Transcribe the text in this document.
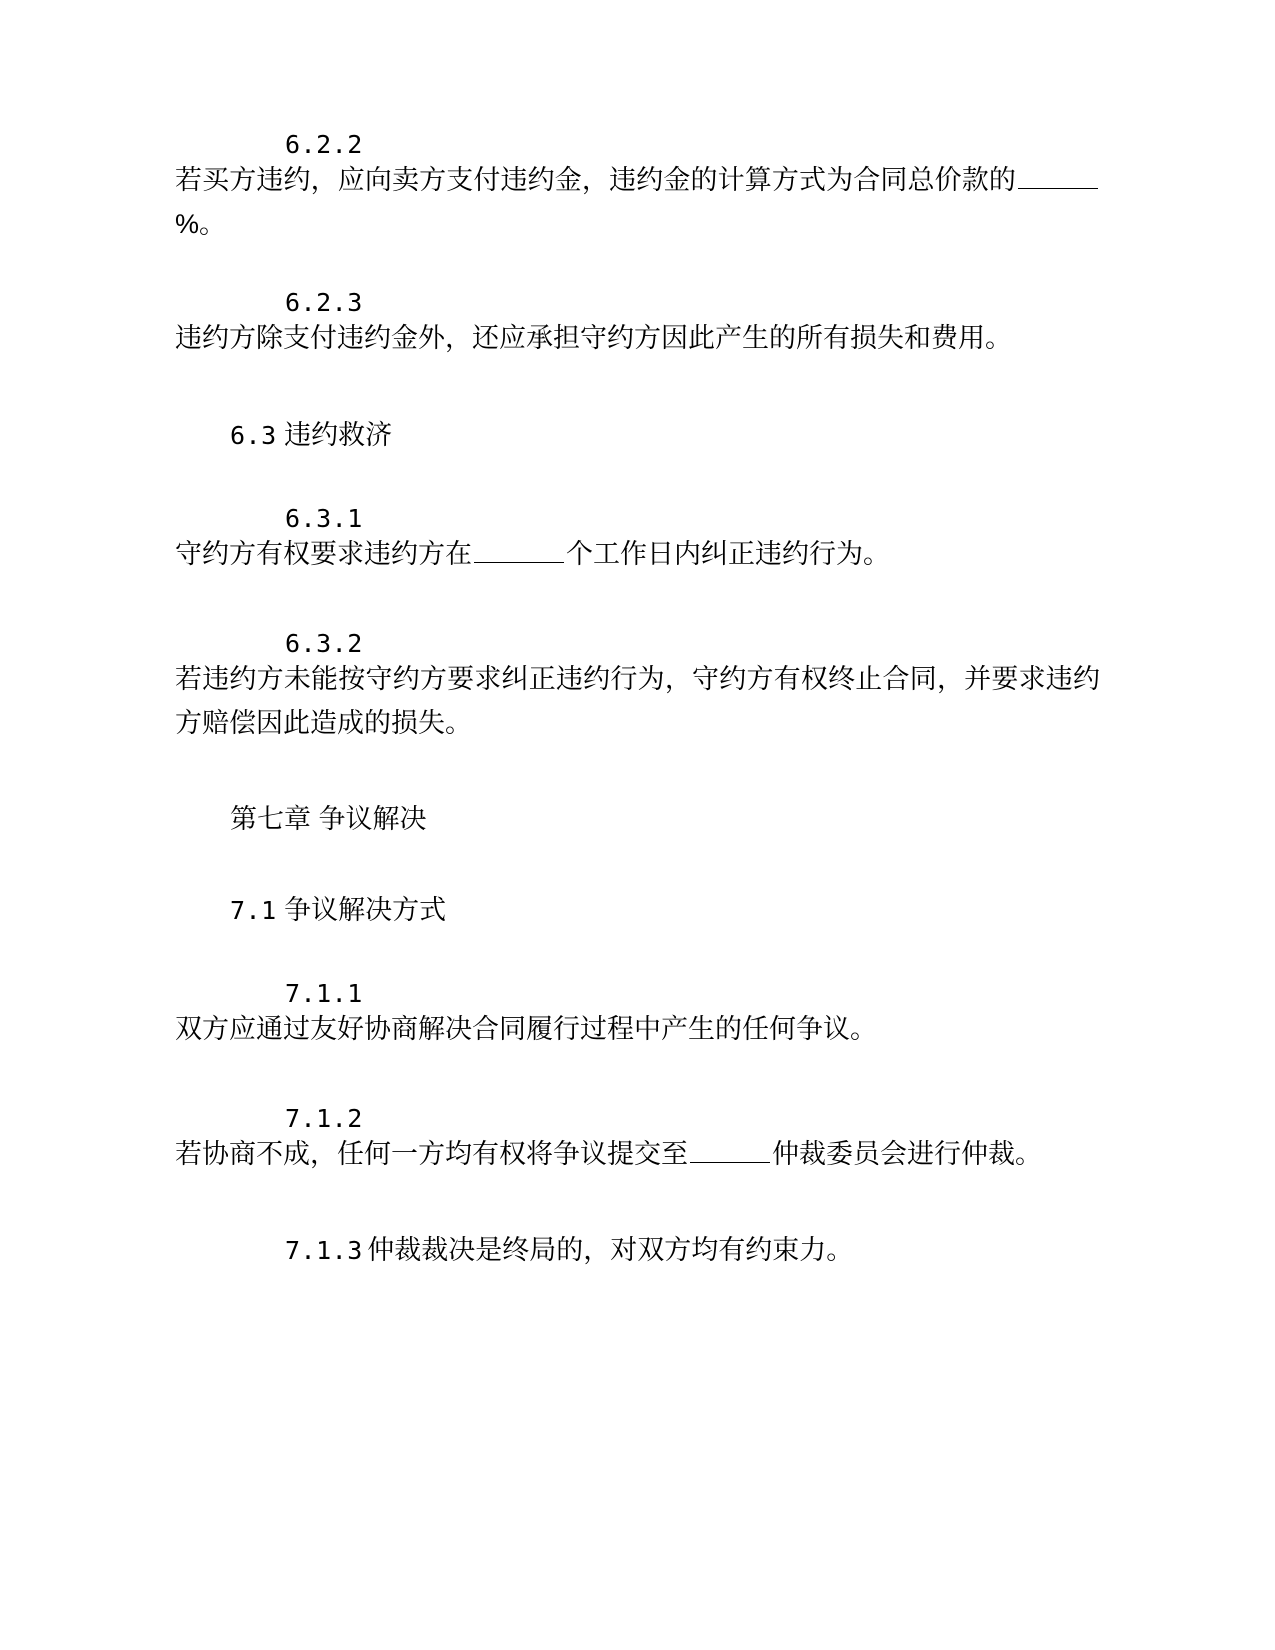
6.2.2
若买方违约，应向卖方支付违约金，违约金的计算方式为合同总价款的%。
6.2.3
违约方除支付违约金外，还应承担守约方因此产生的所有损失和费用。
6.3 违约救济
6.3.1
守约方有权要求违约方在	个工作日内纠正违约行为。
6.3.2
若违约方未能按守约方要求纠正违约行为，守约方有权终止合同，并要求违约方赔偿因此造成的损失。
第七章 争议解决
7.1 争议解决方式
7.1.1
双方应通过友好协商解决合同履行过程中产生的任何争议。
7.1.2
若协商不成，任何一方均有权将争议提交至	仲裁委员会进行仲裁。
7.1.3 仲裁裁决是终局的，对双方均有约束力。
